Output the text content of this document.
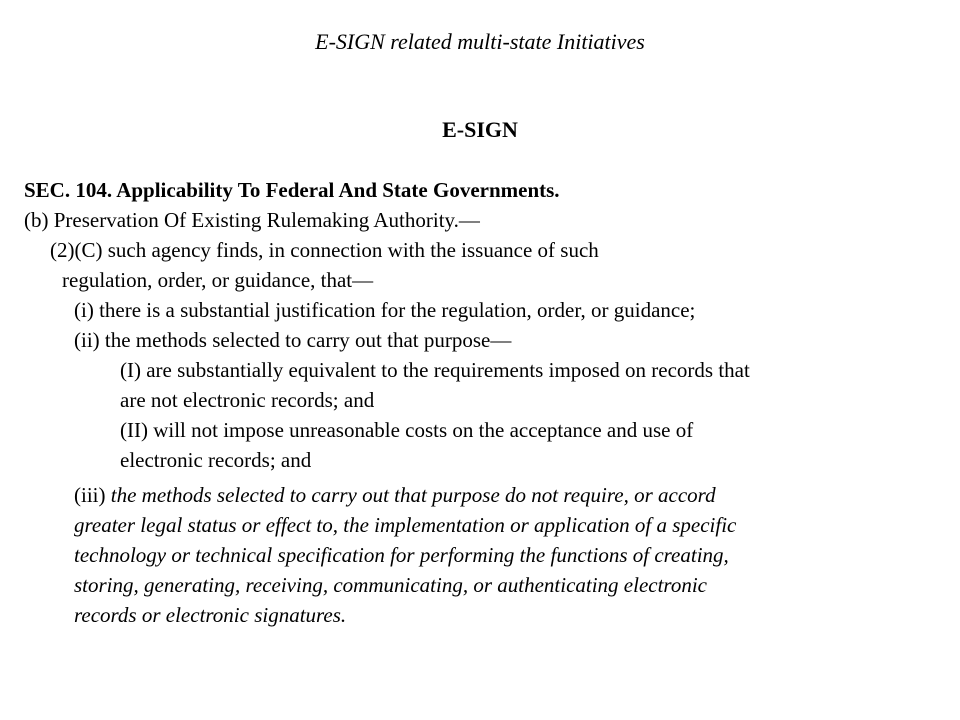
E-SIGN related multi-state Initiatives
E-SIGN
SEC. 104. Applicability To Federal And State Governments.
(b) Preservation Of Existing Rulemaking Authority.—
(2)(C) such agency finds, in connection with the issuance of such
regulation, order, or guidance, that—
(i) there is a substantial justification for the regulation, order, or guidance;
(ii) the methods selected to carry out that purpose—
(I) are substantially equivalent to the requirements imposed on records that
are not electronic records; and
(II) will not impose unreasonable costs on the acceptance and use of
electronic records; and
(iii) the methods selected to carry out that purpose do not require, or accord
greater legal status or effect to, the implementation or application of a specific
technology or technical specification for performing the functions of creating,
storing, generating, receiving, communicating, or authenticating electronic
records or electronic signatures.
